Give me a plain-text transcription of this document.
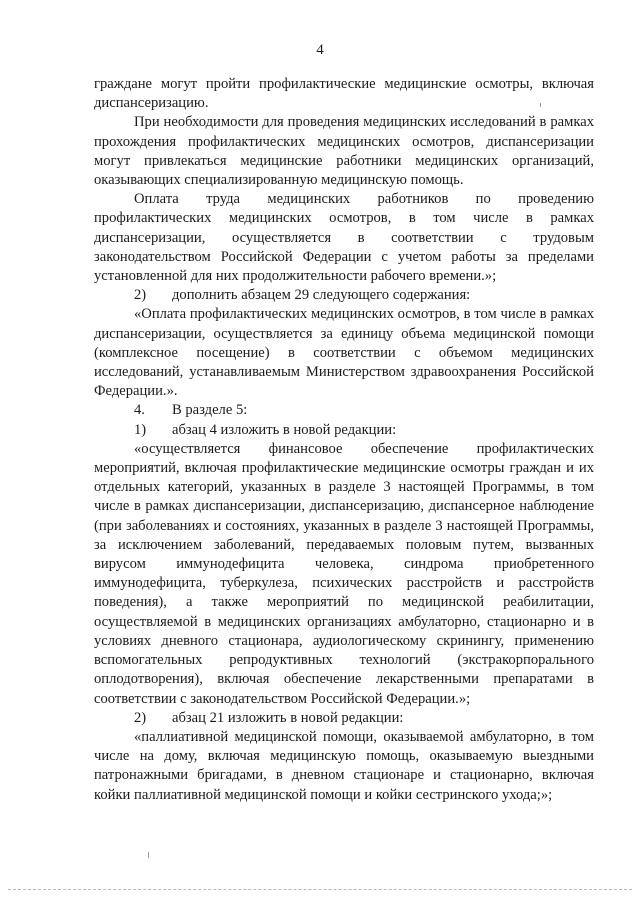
4

граждане могут пройти профилактические медицинские осмотры, включая диспансеризацию.

При необходимости для проведения медицинских исследований в рамках прохождения профилактических медицинских осмотров, диспансеризации могут привлекаться медицинские работники медицинских организаций, оказывающих специализированную медицинскую помощь.

Оплата труда медицинских работников по проведению профилактических медицинских осмотров, в том числе в рамках диспансеризации, осуществляется в соответствии с трудовым законодательством Российской Федерации с учетом работы за пределами установленной для них продолжительности рабочего времени.»;

2) дополнить абзацем 29 следующего содержания:

«Оплата профилактических медицинских осмотров, в том числе в рамках диспансеризации, осуществляется за единицу объема медицинской помощи (комплексное посещение) в соответствии с объемом медицинских исследований, устанавливаемым Министерством здравоохранения Российской Федерации.».

4. В разделе 5:

1) абзац 4 изложить в новой редакции:

«осуществляется финансовое обеспечение профилактических мероприятий, включая профилактические медицинские осмотры граждан и их отдельных категорий, указанных в разделе 3 настоящей Программы, в том числе в рамках диспансеризации, диспансеризацию, диспансерное наблюдение (при заболеваниях и состояниях, указанных в разделе 3 настоящей Программы, за исключением заболеваний, передаваемых половым путем, вызванных вирусом иммунодефицита человека, синдрома приобретенного иммунодефицита, туберкулеза, психических расстройств и расстройств поведения), а также мероприятий по медицинской реабилитации, осуществляемой в медицинских организациях амбулаторно, стационарно и в условиях дневного стационара, аудиологическому скринингу, применению вспомогательных репродуктивных технологий (экстракорпорального оплодотворения), включая обеспечение лекарственными препаратами в соответствии с законодательством Российской Федерации.»;

2) абзац 21 изложить в новой редакции:

«паллиативной медицинской помощи, оказываемой амбулаторно, в том числе на дому, включая медицинскую помощь, оказываемую выездными патронажными бригадами, в дневном стационаре и стационарно, включая койки паллиативной медицинской помощи и койки сестринского ухода;»;
